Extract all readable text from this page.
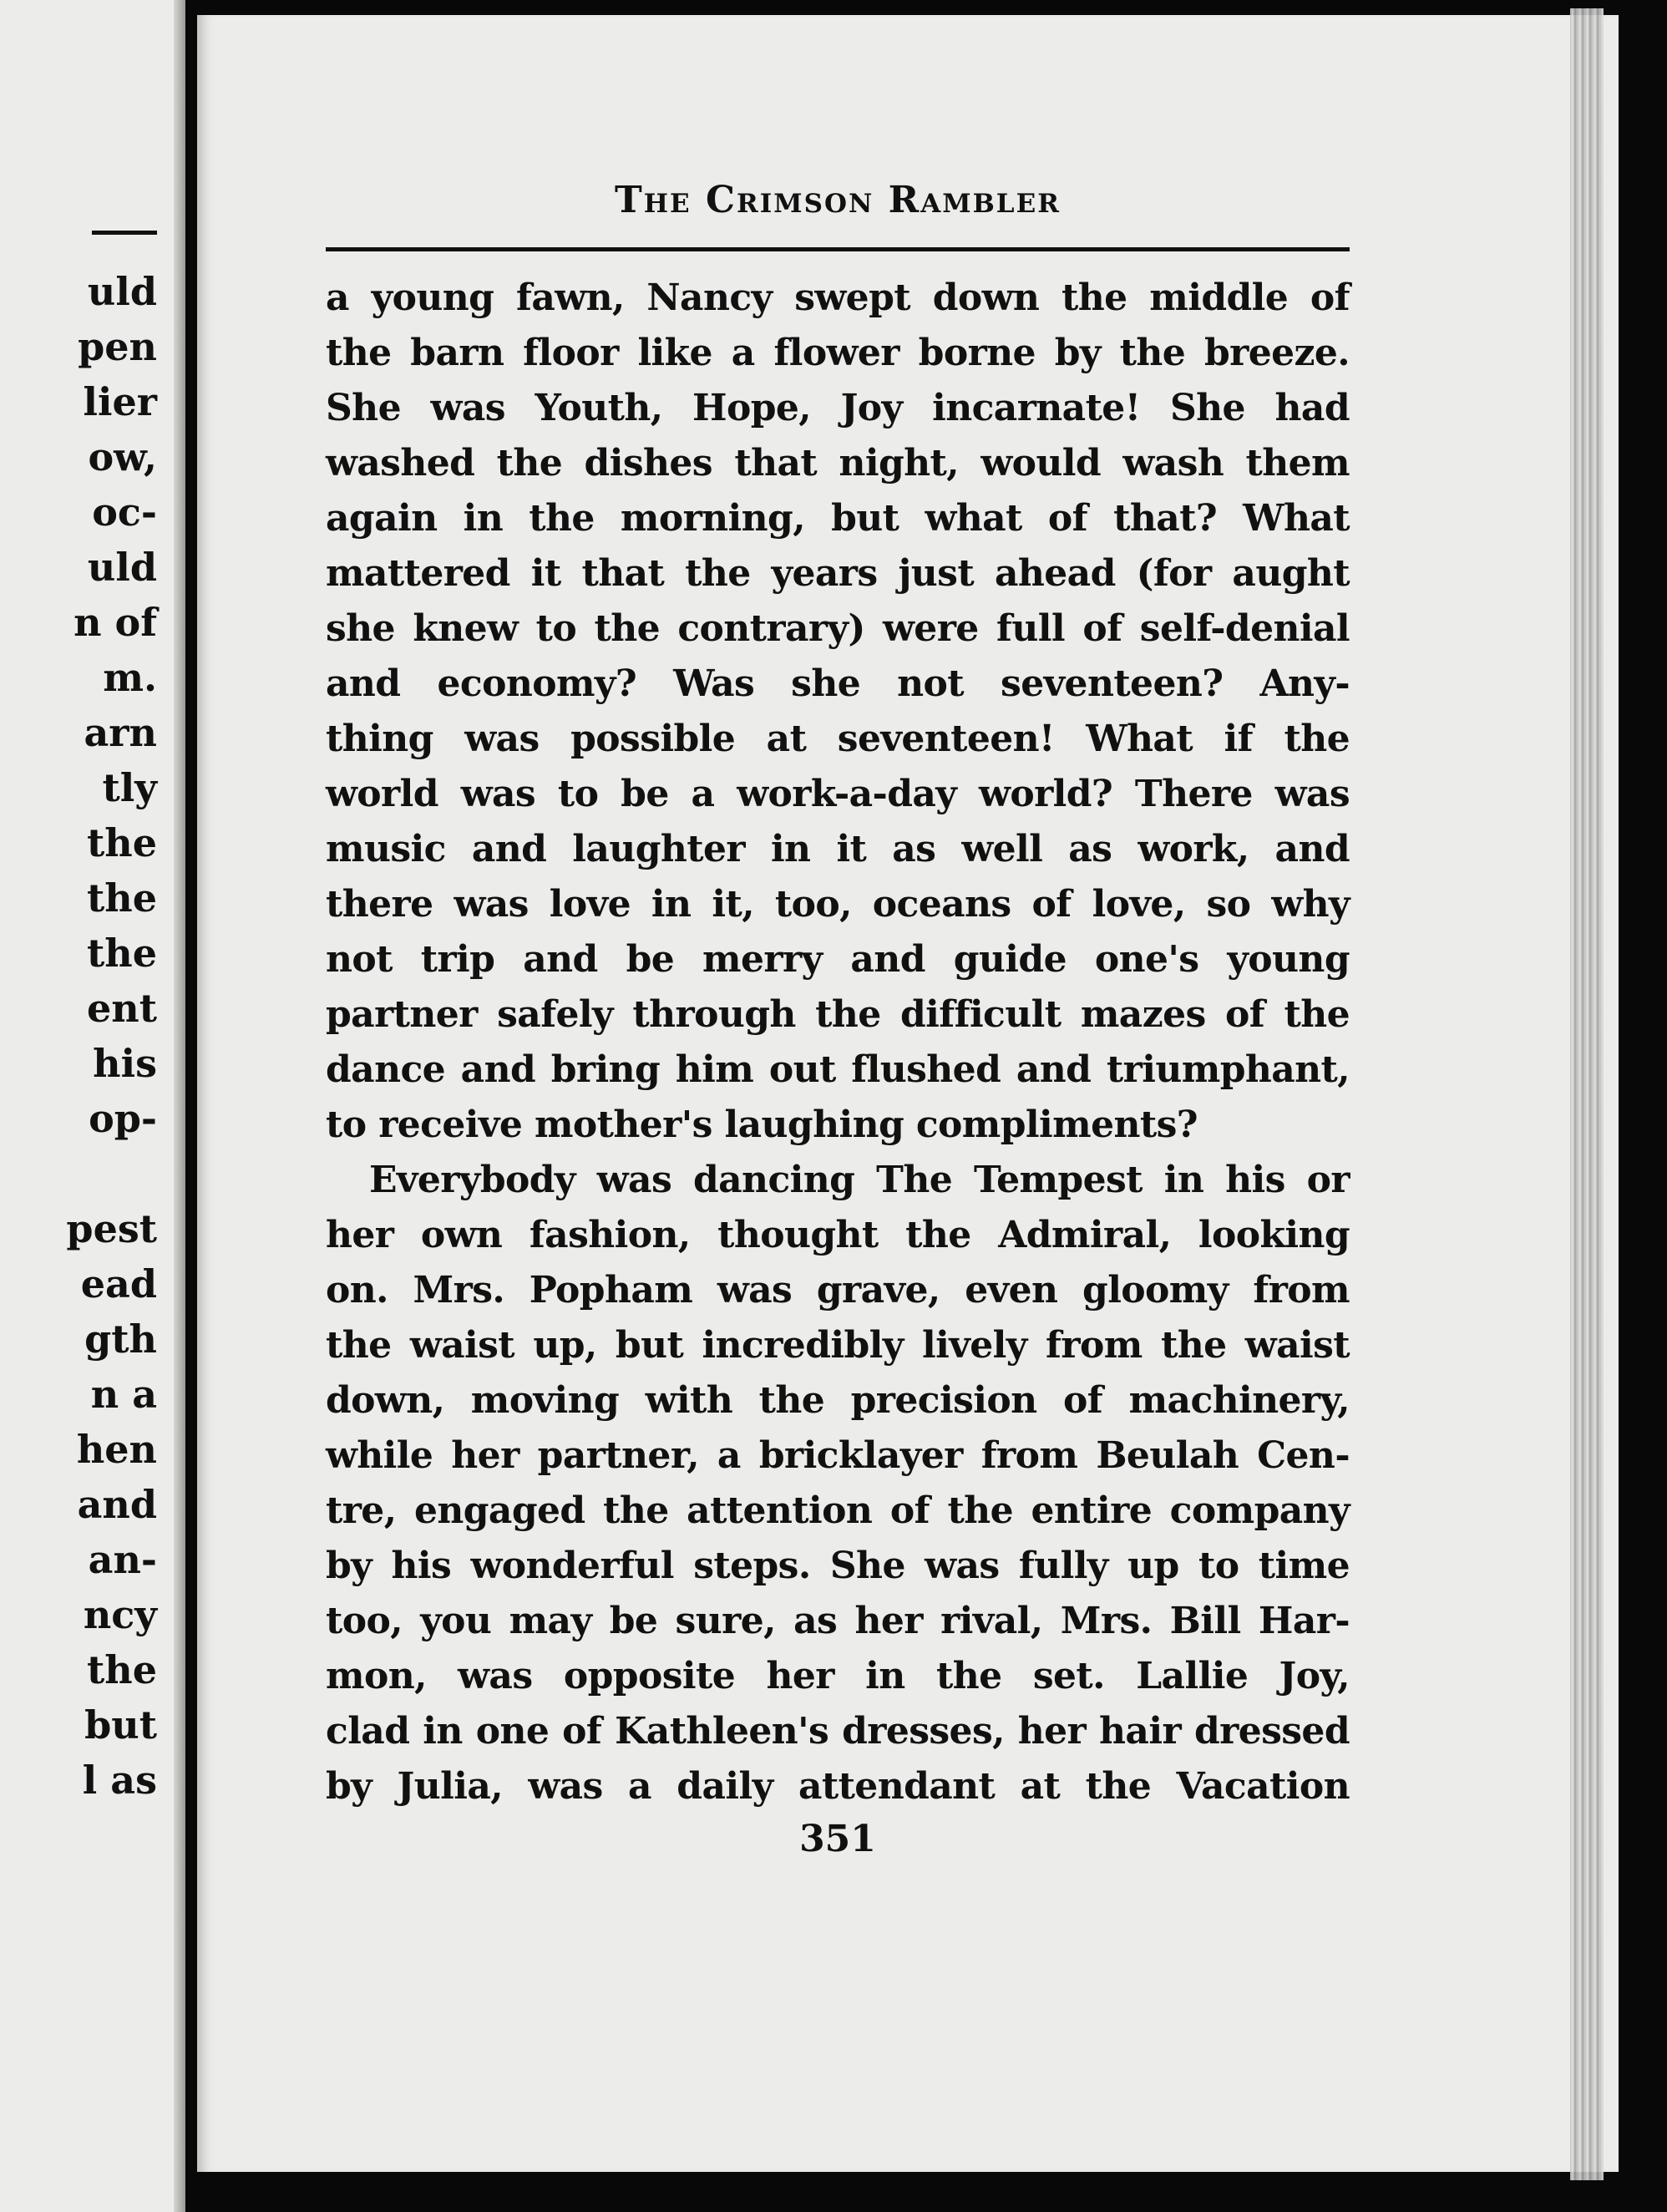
uld
pen
lier
ow,
oc-
uld
n of
m.
arn
tly
the
the
the
ent
his
op-
pest
ead
gth
n a
hen
and
an-
ncy
the
but
l as
The Crimson Rambler
a young fawn, Nancy swept down the middle of
the barn floor like a flower borne by the breeze.
She was Youth, Hope, Joy incarnate! She had
washed the dishes that night, would wash them
again in the morning, but what of that? What
mattered it that the years just ahead (for aught
she knew to the contrary) were full of self-denial
and economy? Was she not seventeen? Any-
thing was possible at seventeen! What if the
world was to be a work-a-day world? There was
music and laughter in it as well as work, and
there was love in it, too, oceans of love, so why
not trip and be merry and guide one's young
partner safely through the difficult mazes of the
dance and bring him out flushed and triumphant,
to receive mother's laughing compliments?
Everybody was dancing The Tempest in his or
her own fashion, thought the Admiral, looking
on. Mrs. Popham was grave, even gloomy from
the waist up, but incredibly lively from the waist
down, moving with the precision of machinery,
while her partner, a bricklayer from Beulah Cen-
tre, engaged the attention of the entire company
by his wonderful steps. She was fully up to time
too, you may be sure, as her rival, Mrs. Bill Har-
mon, was opposite her in the set. Lallie Joy,
clad in one of Kathleen's dresses, her hair dressed
by Julia, was a daily attendant at the Vacation
351
